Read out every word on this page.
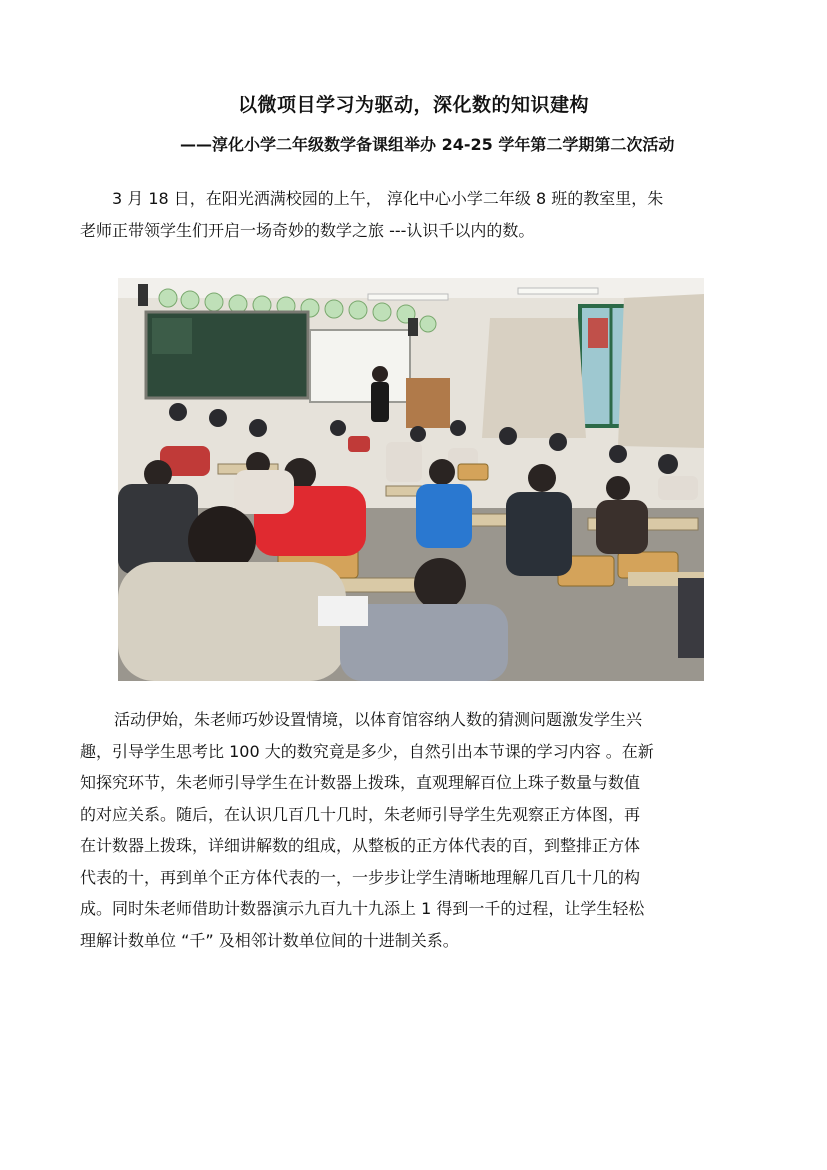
以微项目学习为驱动，深化数的知识建构
——淳化小学二年级数学备课组举办 24-25 学年第二学期第二次活动

3 月 18 日，在阳光洒满校园的上午， 淳化中心小学二年级 8 班的教室里，朱
老师正带领学生们开启一场奇妙的数学之旅 ---认识千以内的数。

活动伊始，朱老师巧妙设置情境，以体育馆容纳人数的猜测问题激发学生兴
趣，引导学生思考比 100 大的数究竟是多少，自然引出本节课的学习内容 。在新
知探究环节，朱老师引导学生在计数器上拨珠，直观理解百位上珠子数量与数值
的对应关系。随后，在认识几百几十几时，朱老师引导学生先观察正方体图，再
在计数器上拨珠，详细讲解数的组成，从整板的正方体代表的百，到整排正方体
代表的十，再到单个正方体代表的一，一步步让学生清晰地理解几百几十几的构
成。同时朱老师借助计数器演示九百九十九添上 1 得到一千的过程，让学生轻松
理解计数单位 “千” 及相邻计数单位间的十进制关系。
